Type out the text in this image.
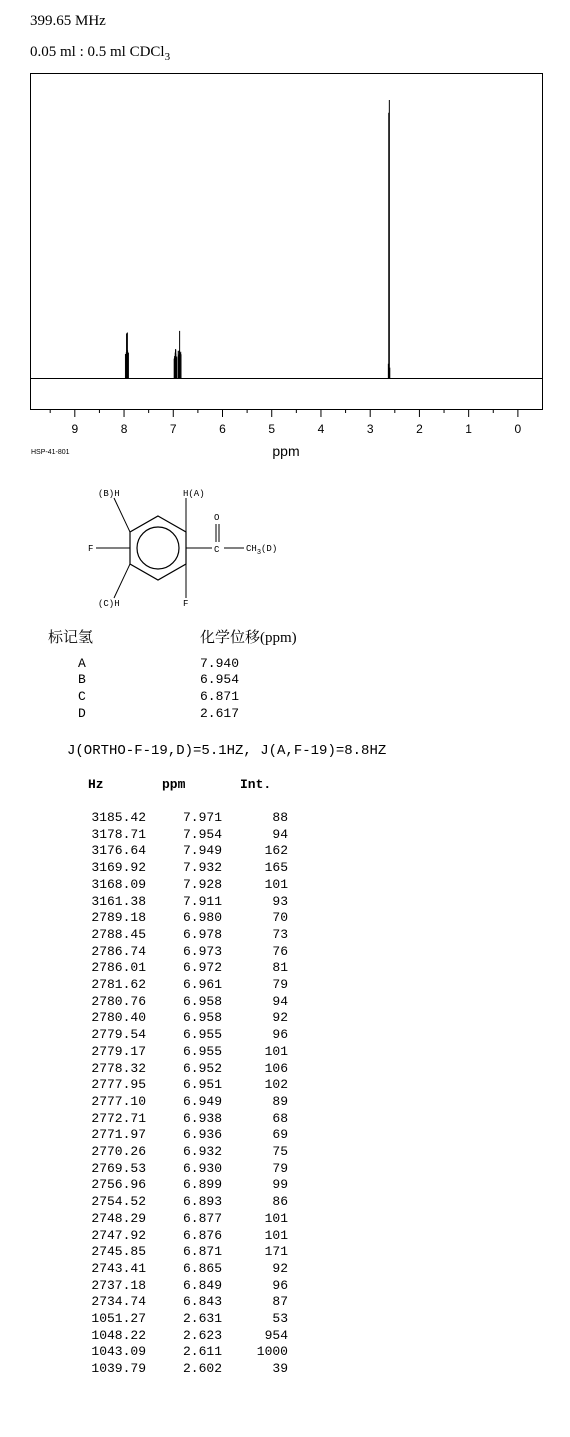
399.65 MHz
0.05 ml : 0.5 ml CDCl$_3$
9	8	7	6	5	4	3	2	1	0
ppm
HSP-41-801
(B)H	H(A)
F
O
C	$CH_3(D)$
(C)H	F
标记氢	化学位移(ppm)
A	7.940
B	6.954
C	6.871
D	2.617
J(ORTHO-F-19,D)=5.1HZ, J(A,F-19)=8.8HZ
Hz	ppm	Int.
3185.42	7.971	88
3178.71	7.954	94
3176.64	7.949	162
3169.92	7.932	165
3168.09	7.928	101
3161.38	7.911	93
2789.18	6.980	70
2788.45	6.978	73
2786.74	6.973	76
2786.01	6.972	81
2781.62	6.961	79
2780.76	6.958	94
2780.40	6.958	92
2779.54	6.955	96
2779.17	6.955	101
2778.32	6.952	106
2777.95	6.951	102
2777.10	6.949	89
2772.71	6.938	68
2771.97	6.936	69
2770.26	6.932	75
2769.53	6.930	79
2756.96	6.899	99
2754.52	6.893	86
2748.29	6.877	101
2747.92	6.876	101
2745.85	6.871	171
2743.41	6.865	92
2737.18	6.849	96
2734.74	6.843	87
1051.27	2.631	53
1048.22	2.623	954
1043.09	2.611	1000
1039.79	2.602	39
